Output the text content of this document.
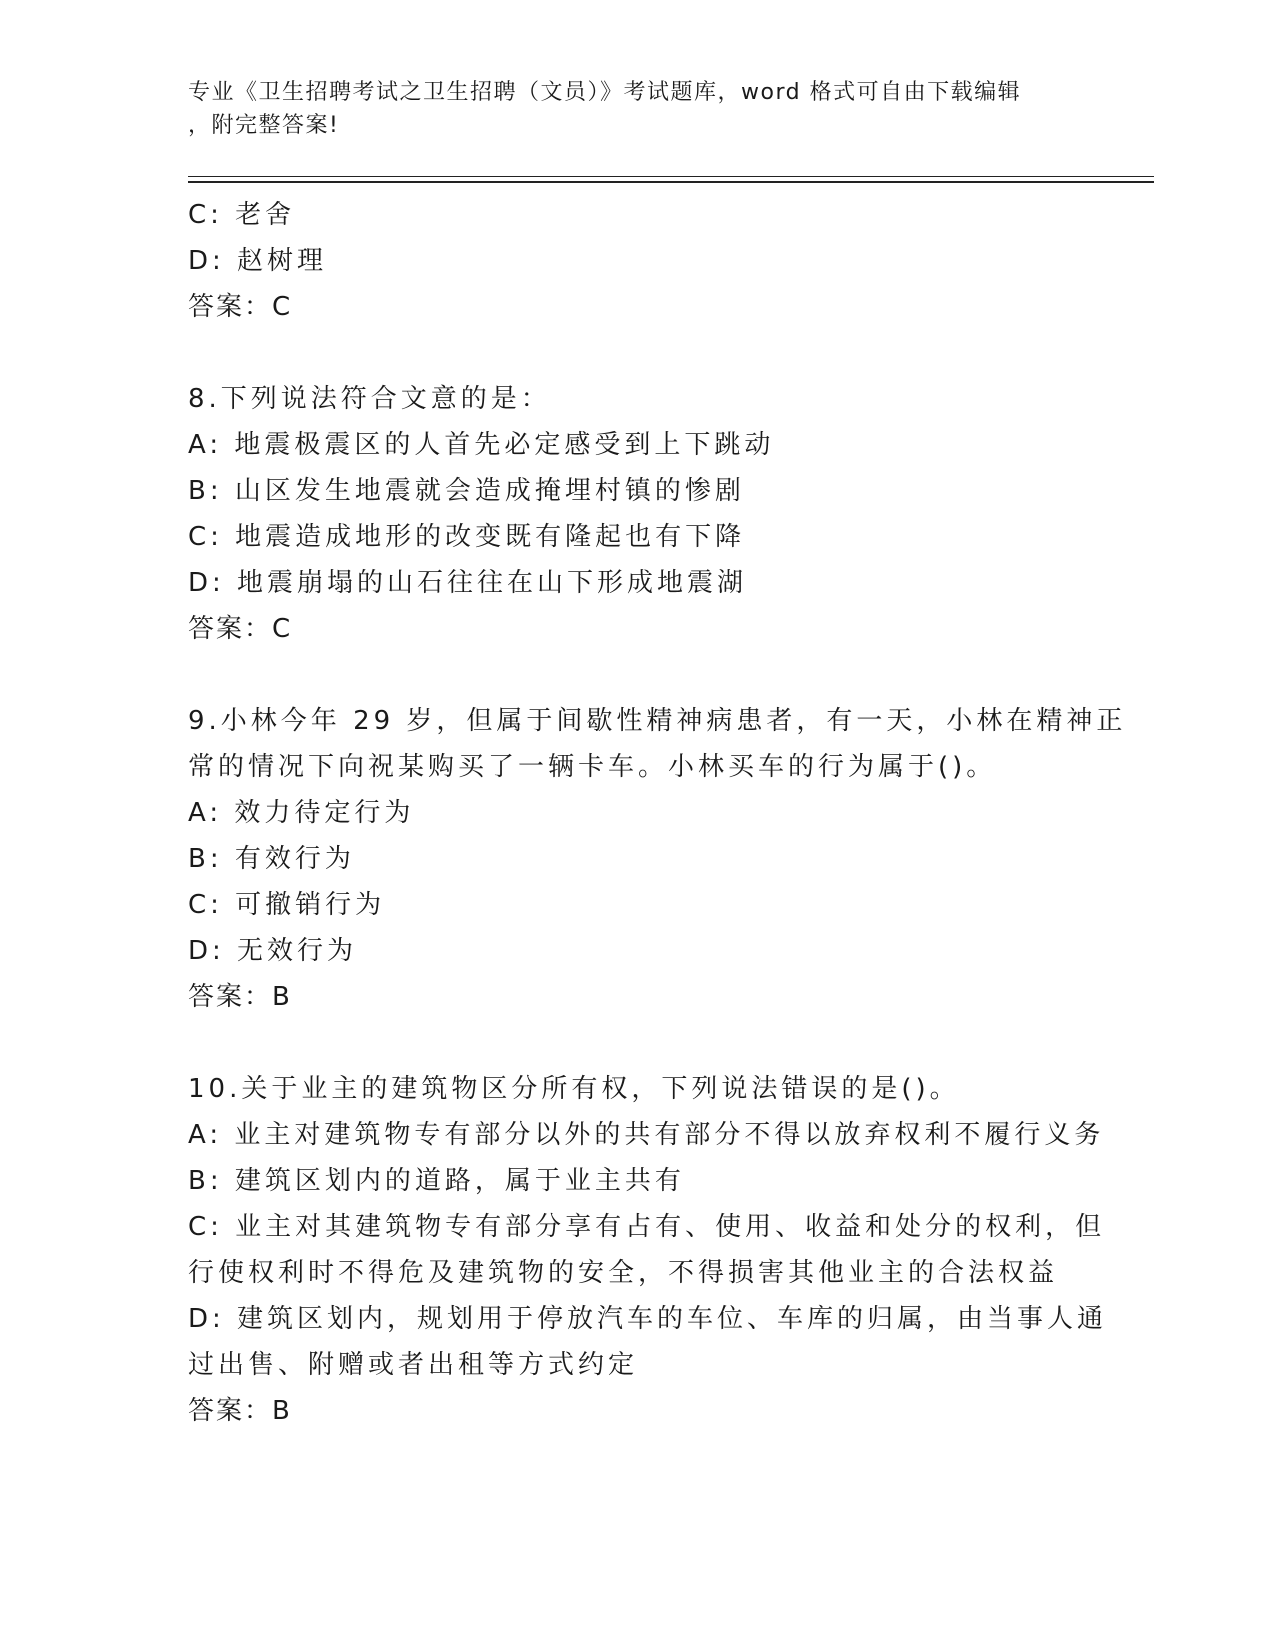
专业《卫生招聘考试之卫生招聘（文员）》考试题库，word 格式可自由下载编辑
，附完整答案!
C: 老舍
D: 赵树理
答案：C
8.下列说法符合文意的是：
A: 地震极震区的人首先必定感受到上下跳动
B: 山区发生地震就会造成掩埋村镇的惨剧
C: 地震造成地形的改变既有隆起也有下降
D: 地震崩塌的山石往往在山下形成地震湖
答案：C
9.小林今年 29 岁，但属于间歇性精神病患者，有一天，小林在精神正
常的情况下向祝某购买了一辆卡车。小林买车的行为属于()。
A: 效力待定行为
B: 有效行为
C: 可撤销行为
D: 无效行为
答案：B
10.关于业主的建筑物区分所有权，下列说法错误的是()。
A: 业主对建筑物专有部分以外的共有部分不得以放弃权利不履行义务
B: 建筑区划内的道路，属于业主共有
C: 业主对其建筑物专有部分享有占有、使用、收益和处分的权利，但
行使权利时不得危及建筑物的安全，不得损害其他业主的合法权益
D: 建筑区划内，规划用于停放汽车的车位、车库的归属，由当事人通
过出售、附赠或者出租等方式约定
答案：B
